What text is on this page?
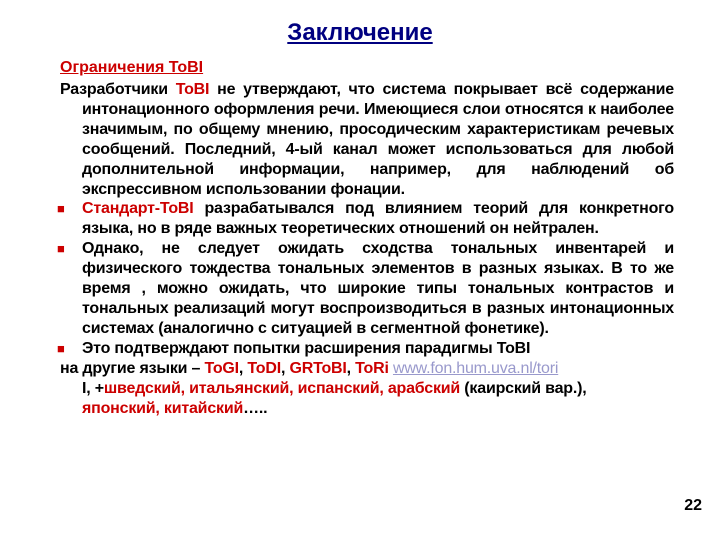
Заключение
Ограничения ToBI

Разработчики ToBI не утверждают, что система покрывает всё содержание интонационного оформления речи. Имеющиеся слои относятся к наиболее значимым, по общему мнению, просодическим характеристикам речевых сообщений. Последний, 4-ый канал может использоваться для любой дополнительной информации, например, для наблюдений об экспрессивном использовании фонации.

■ Стандарт-ToBI разрабатывался под влиянием теорий для конкретного языка, но в ряде важных теоретических отношений он нейтрален.

■ Однако, не следует ожидать сходства тональных инвентарей и физического тождества тональных элементов в разных языках. В то же время , можно ожидать, что широкие типы тональных контрастов и тональных реализаций могут воспроизводиться в разных интонационных системах (аналогично с ситуацией в сегментной фонетике).

■ Это подтверждают попытки расширения парадигмы ToBI

на другие языки – ToGI, ToDI, GRToBI, ToRi www.fon.hum.uva.nl/tori
I, +шведский, итальянский, испанский, арабский (каирский вар.),
японский, китайский…..

22
